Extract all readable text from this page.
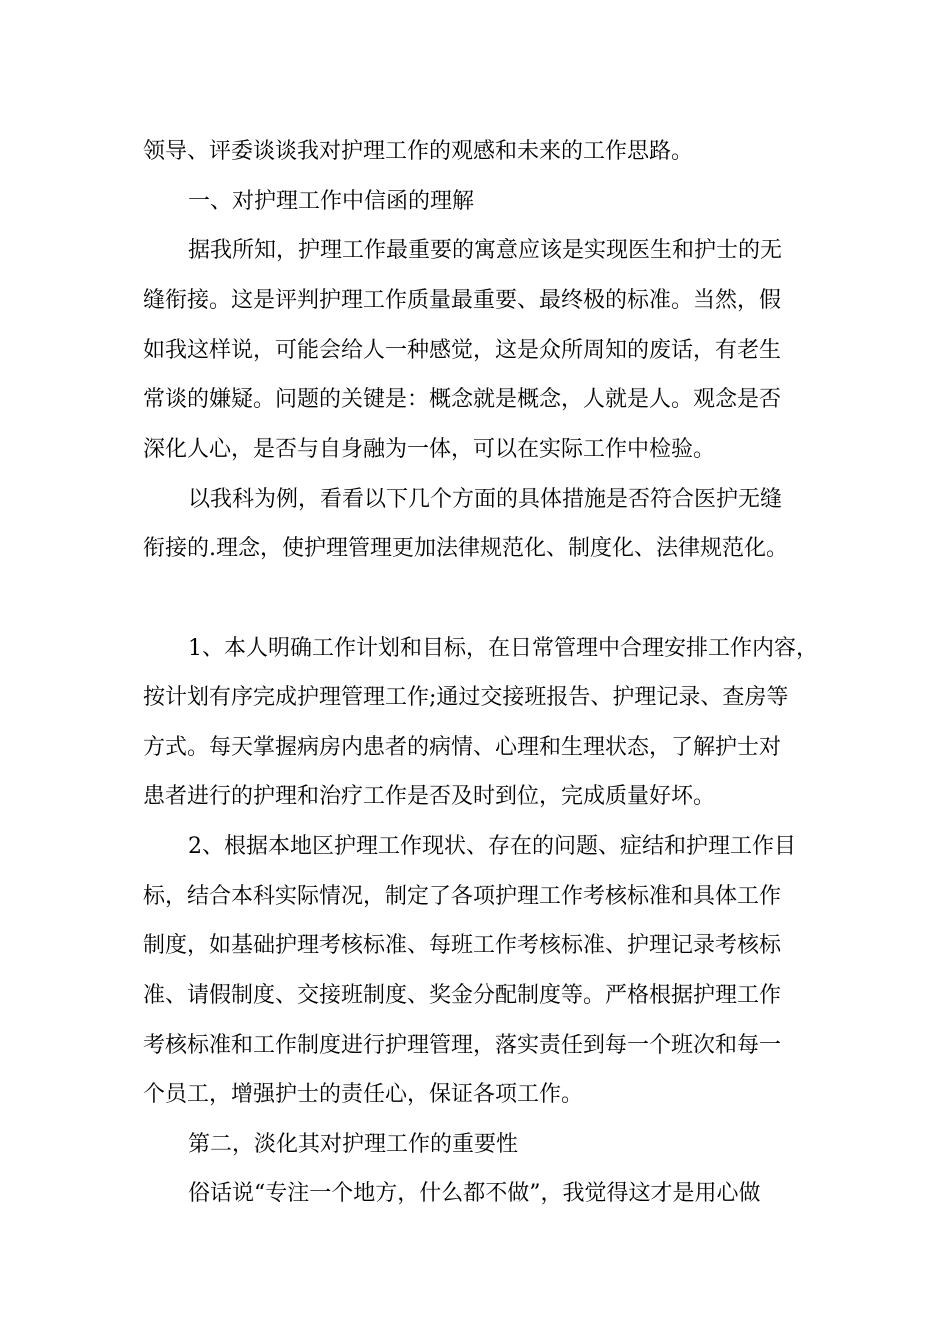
领导、评委谈谈我对护理工作的观感和未来的工作思路。
一、对护理工作中信函的理解
据我所知，护理工作最重要的寓意应该是实现医生和护士的无
缝衔接。这是评判护理工作质量最重要、最终极的标准。当然，假
如我这样说，可能会给人一种感觉，这是众所周知的废话，有老生
常谈的嫌疑。问题的关键是：概念就是概念，人就是人。观念是否
深化人心，是否与自身融为一体，可以在实际工作中检验。
以我科为例，看看以下几个方面的具体措施是否符合医护无缝
衔接的.理念，使护理管理更加法律规范化、制度化、法律规范化。
1、本人明确工作计划和目标，在日常管理中合理安排工作内容，
按计划有序完成护理管理工作;通过交接班报告、护理记录、查房等
方式。每天掌握病房内患者的病情、心理和生理状态，了解护士对
患者进行的护理和治疗工作是否及时到位，完成质量好坏。
2、根据本地区护理工作现状、存在的问题、症结和护理工作目
标，结合本科实际情况，制定了各项护理工作考核标准和具体工作
制度，如基础护理考核标准、每班工作考核标准、护理记录考核标
准、请假制度、交接班制度、奖金分配制度等。严格根据护理工作
考核标准和工作制度进行护理管理，落实责任到每一个班次和每一
个员工，增强护士的责任心，保证各项工作。
第二，淡化其对护理工作的重要性
俗话说“专注一个地方，什么都不做”，我觉得这才是用心做
